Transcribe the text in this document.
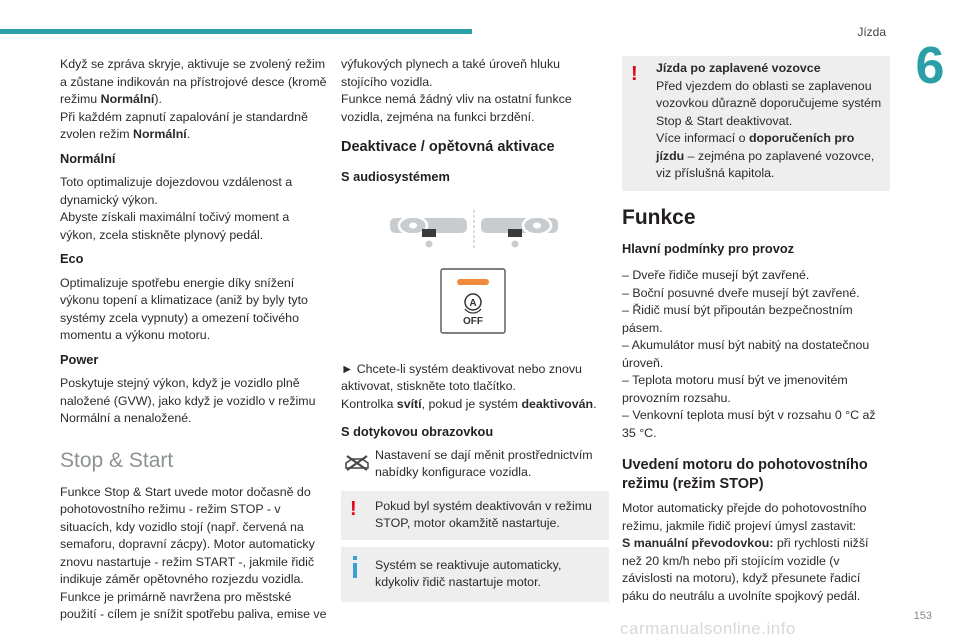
Jízda
6

Když se zpráva skryje, aktivuje se zvolený režim a zůstane indikován na přístrojové desce (kromě režimu Normální).

Při každém zapnutí zapalování je standardně zvolen režim Normální.

Normální

Toto optimalizuje dojezdovou vzdálenost a dynamický výkon.

Abyste získali maximální točivý moment a výkon, zcela stiskněte plynový pedál.

Eco

Optimalizuje spotřebu energie díky snížení výkonu topení a klimatizace (aniž by byly tyto systémy zcela vypnuty) a omezení točivého momentu a výkonu motoru.

Power

Poskytuje stejný výkon, když je vozidlo plně naložené (GVW), jako když je vozidlo v režimu Normální a nenaložené.

Stop & Start

Funkce Stop & Start uvede motor dočasně do pohotovostního režimu - režim STOP - v situacích, kdy vozidlo stojí (např. červená na semaforu, dopravní zácpy). Motor automaticky znovu nastartuje - režim START -, jakmile řidič indikuje záměr opětovného rozjezdu vozidla. Funkce je primárně navržena pro městské použití - cílem je snížit spotřebu paliva, emise ve

výfukových plynech a také úroveň hluku stojícího vozidla.

Funkce nemá žádný vliv na ostatní funkce vozidla, zejména na funkci brzdění.

Deaktivace / opětovná aktivace
S audiosystémem
A
OFF

► Chcete-li systém deaktivovat nebo znovu aktivovat, stiskněte toto tlačítko.

Kontrolka svítí, pokud je systém deaktivován.

S dotykovou obrazovkou

Nastavení se dají měnit prostřednictvím nabídky konfigurace vozidla.

! Pokud byl systém deaktivován v režimu STOP, motor okamžitě nastartuje.

Systém se reaktivuje automaticky, kdykoliv řidič nastartuje motor.

! Jízda po zaplavené vozovce

Před vjezdem do oblasti se zaplavenou vozovkou důrazně doporučujeme systém Stop & Start deaktivovat.

Více informací o doporučeních pro jízdu – zejména po zaplavené vozovce, viz příslušná kapitola.

Funkce
Hlavní podmínky pro provoz

– Dveře řidiče musejí být zavřené.

– Boční posuvné dveře musejí být zavřené.

– Řidič musí být připoután bezpečnostním pásem.

– Akumulátor musí být nabitý na dostatečnou úroveň.

– Teplota motoru musí být ve jmenovitém provozním rozsahu.

– Venkovní teplota musí být v rozsahu 0 °C až 35 °C.

Uvedení motoru do pohotovostního režimu (režim STOP)

Motor automaticky přejde do pohotovostního režimu, jakmile řidič projeví úmysl zastavit:

S manuální převodovkou: při rychlosti nižší než 20 km/h nebo při stojícím vozidle (v závislosti na motoru), když přesunete řadicí páku do neutrálu a uvolníte spojkový pedál.

153
carmanualsonline.info
